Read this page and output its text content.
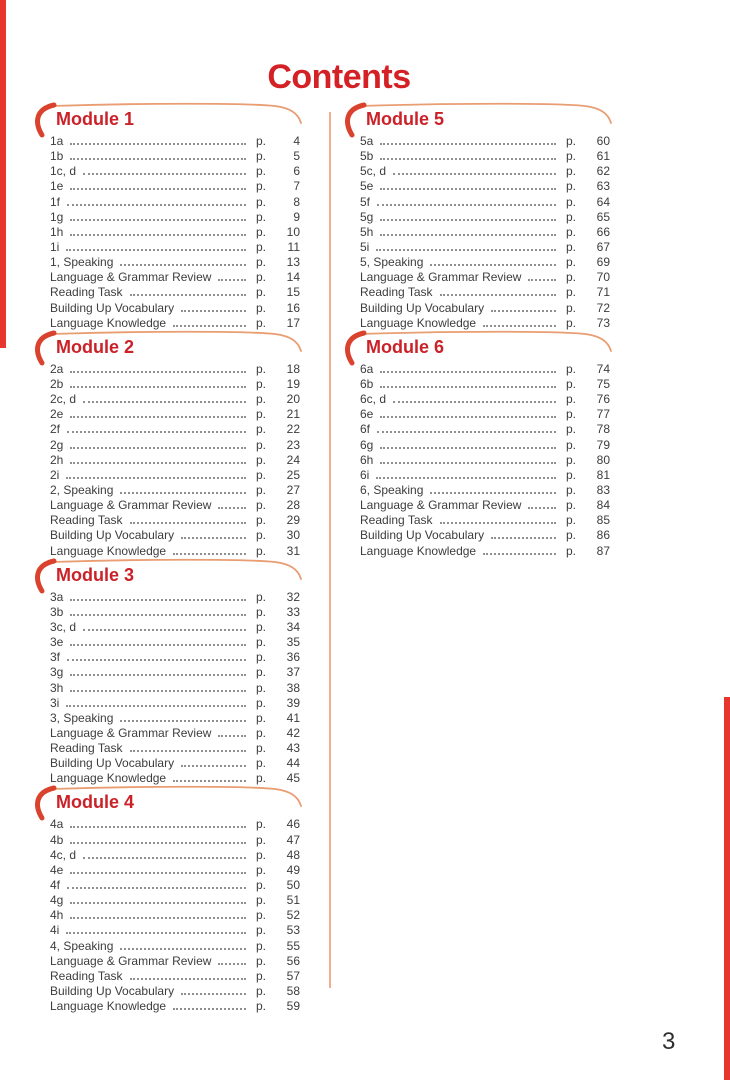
Contents
Module 1
1a	p.	4
1b	p.	5
1c, d	p.	6
1e	p.	7
1f	p.	8
1g	p.	9
1h	p.	10
1i	p.	11
1, Speaking	p.	13
Language & Grammar Review	p.	14
Reading Task	p.	15
Building Up Vocabulary	p.	16
Language Knowledge	p.	17
Module 2
2a	p.	18
2b	p.	19
2c, d	p.	20
2e	p.	21
2f	p.	22
2g	p.	23
2h	p.	24
2i	p.	25
2, Speaking	p.	27
Language & Grammar Review	p.	28
Reading Task	p.	29
Building Up Vocabulary	p.	30
Language Knowledge	p.	31
Module 3
3a	p.	32
3b	p.	33
3c, d	p.	34
3e	p.	35
3f	p.	36
3g	p.	37
3h	p.	38
3i	p.	39
3, Speaking	p.	41
Language & Grammar Review	p.	42
Reading Task	p.	43
Building Up Vocabulary	p.	44
Language Knowledge	p.	45
Module 4
4a	p.	46
4b	p.	47
4c, d	p.	48
4e	p.	49
4f	p.	50
4g	p.	51
4h	p.	52
4i	p.	53
4, Speaking	p.	55
Language & Grammar Review	p.	56
Reading Task	p.	57
Building Up Vocabulary	p.	58
Language Knowledge	p.	59
Module 5
5a	p.	60
5b	p.	61
5c, d	p.	62
5e	p.	63
5f	p.	64
5g	p.	65
5h	p.	66
5i	p.	67
5, Speaking	p.	69
Language & Grammar Review	p.	70
Reading Task	p.	71
Building Up Vocabulary	p.	72
Language Knowledge	p.	73
Module 6
6a	p.	74
6b	p.	75
6c, d	p.	76
6e	p.	77
6f	p.	78
6g	p.	79
6h	p.	80
6i	p.	81
6, Speaking	p.	83
Language & Grammar Review	p.	84
Reading Task	p.	85
Building Up Vocabulary	p.	86
Language Knowledge	p.	87
3
